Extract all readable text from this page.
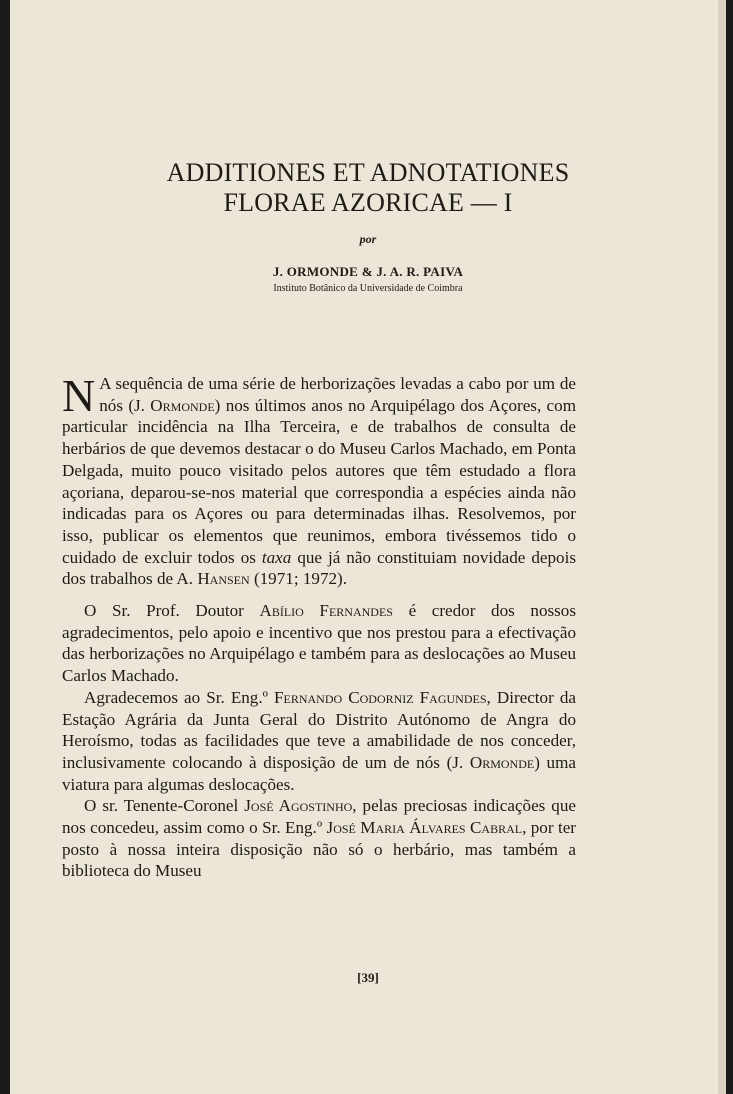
ADDITIONES ET ADNOTATIONES
FLORAE AZORICAE — I
por
J. ORMONDE & J. A. R. PAIVA
Instituto Botânico da Universidade de Coimbra

N A sequência de uma série de herborizações levadas a cabo por um de nós (J. Ormonde) nos últimos anos no Arquipélago dos Açores, com particular incidência na Ilha Terceira, e de trabalhos de consulta de herbários de que devemos destacar o do Museu Carlos Machado, em Ponta Delgada, muito pouco visitado pelos autores que têm estudado a flora açoriana, deparou-se-nos material que correspondia a espécies ainda não indicadas para os Açores ou para determinadas ilhas. Resolvemos, por isso, publicar os elementos que reunimos, embora tivéssemos tido o cuidado de excluir todos os taxa que já não constituiam novidade depois dos trabalhos de A. Hansen (1971; 1972).

O Sr. Prof. Doutor Abílio Fernandes é credor dos nossos agradecimentos, pelo apoio e incentivo que nos prestou para a efectivação das herborizações no Arquipélago e também para as deslocações ao Museu Carlos Machado.

Agradecemos ao Sr. Eng.º Fernando Codorniz Fagundes, Director da Estação Agrária da Junta Geral do Distrito Autónomo de Angra do Heroísmo, todas as facilidades que teve a amabilidade de nos conceder, inclusivamente colocando à disposição de um de nós (J. Ormonde) uma viatura para algumas deslocações.

O sr. Tenente-Coronel José Agostinho, pelas preciosas indicações que nos concedeu, assim como o Sr. Eng.º José Maria Álvares Cabral, por ter posto à nossa inteira disposição não só o herbário, mas também a biblioteca do Museu

[39]
